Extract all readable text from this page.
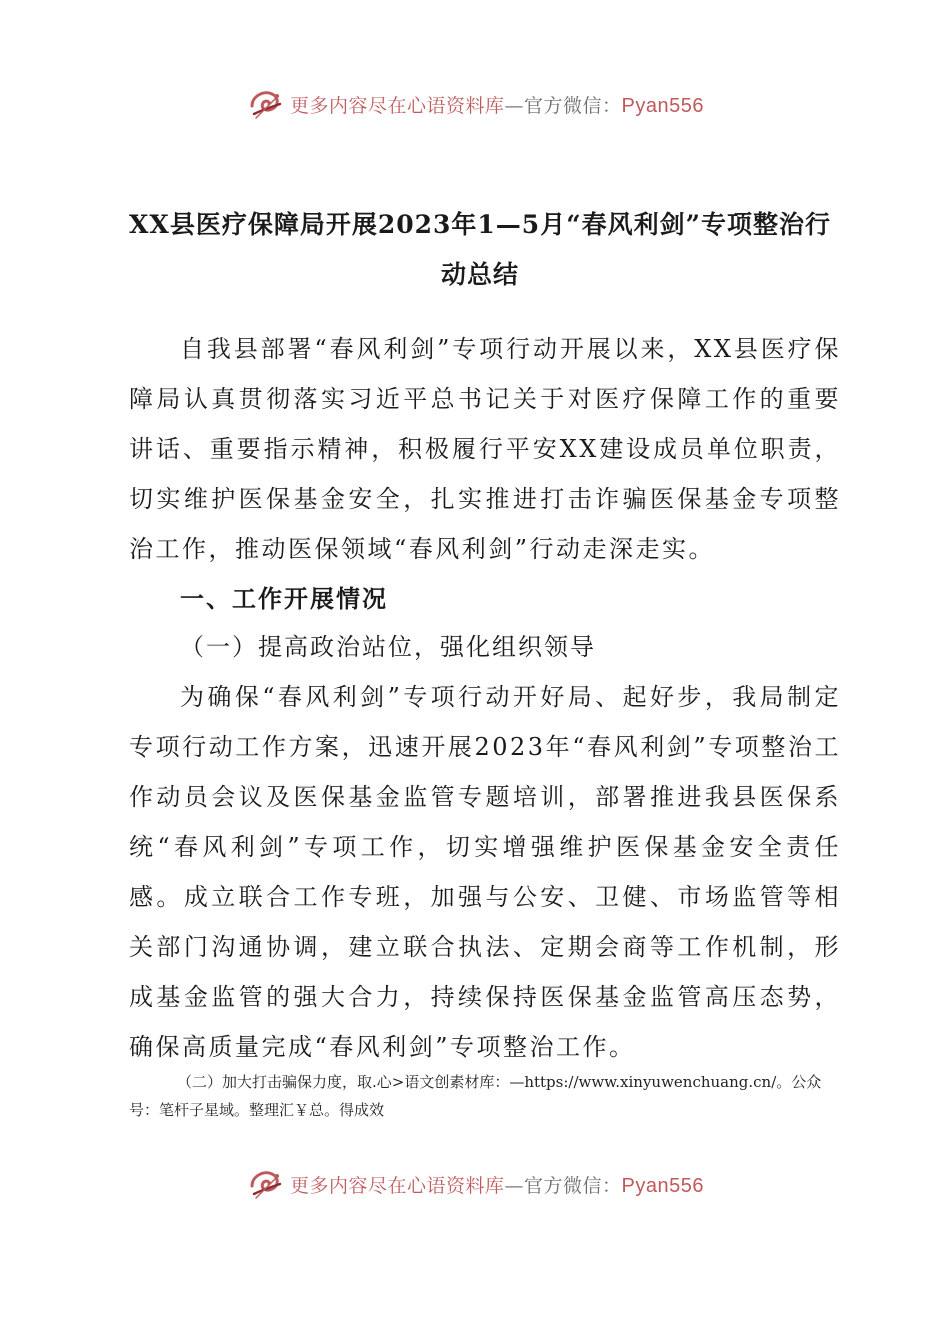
更多内容尽在心语资料库—官方微信：Pyan556
XX县医疗保障局开展2023年1—5月“春风利剑”专项整治行
动总结
自我县部署“春风利剑”专项行动开展以来，XX县医疗保障局认真贯彻落实习近平总书记关于对医疗保障工作的重要讲话、重要指示精神，积极履行平安XX建设成员单位职责，切实维护医保基金安全，扎实推进打击诈骗医保基金专项整治工作，推动医保领域“春风利剑”行动走深走实。
一、工作开展情况
（一）提高政治站位，强化组织领导
为确保“春风利剑”专项行动开好局、起好步，我局制定专项行动工作方案，迅速开展2023年“春风利剑”专项整治工作动员会议及医保基金监管专题培训，部署推进我县医保系统“春风利剑”专项工作，切实增强维护医保基金安全责任感。成立联合工作专班，加强与公安、卫健、市场监管等相关部门沟通协调，建立联合执法、定期会商等工作机制，形成基金监管的强大合力，持续保持医保基金监管高压态势，确保高质量完成“春风利剑”专项整治工作。
（二）加大打击骗保力度，取.心>语文创素材库：—https://www.xinyuwenchuang.cn/。公众号：笔杆子星域。整理汇￥总。得成效
更多内容尽在心语资料库—官方微信：Pyan556
